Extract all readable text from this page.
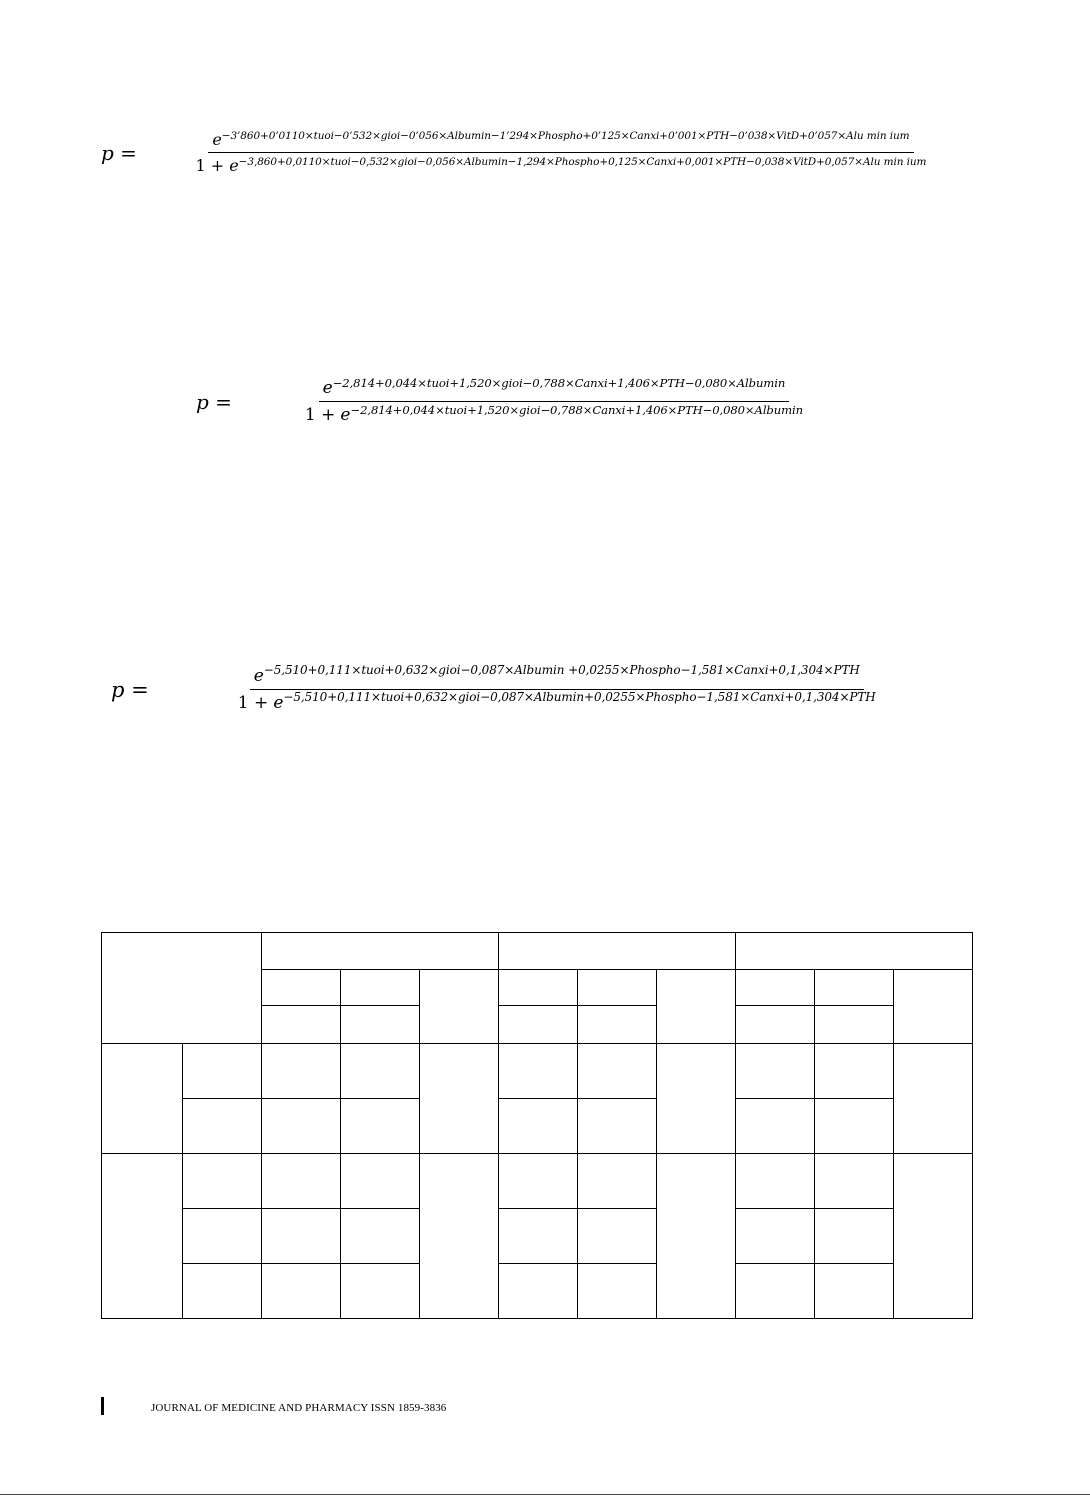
p =
$e^{-3’860+0’0110\times tuoi-0’532\times gioi-0’056\times Albumin-1’294\times Phospho+0’125\times Canxi+0’001\times PTH-0’038\times VitD+0’057\times Alu min ium}$
$1 + e^{-3,860+0,0110\times tuoi-0,532\times gioi-0,056\times Albumin-1,294\times Phospho+0,125\times Canxi+0,001\times PTH-0,038\times VitD+0,057\times Alu min ium}$
p =
$e^{-2,814+0,044\times tuoi+1,520\times gioi-0,788\times Canxi+1,406\times PTH-0,080\times Albumin}$
$1 + e^{-2,814+0,044\times tuoi+1,520\times gioi-0,788\times Canxi+1,406\times PTH-0,080\times Albumin}$
p =
$e^{-5,510+0,111\times tuoi+0,632\times gioi-0,087\times Albumin +0,0255\times Phospho-1,581\times Canxi+0,1,304\times PTH}$
$1 + e^{-5,510+0,111\times tuoi+0,632\times gioi-0,087\times Albumin+0,0255\times Phospho-1,581\times Canxi+0,1,304\times PTH}$

JOURNAL OF MEDICINE AND PHARMACY ISSN 1859-3836
